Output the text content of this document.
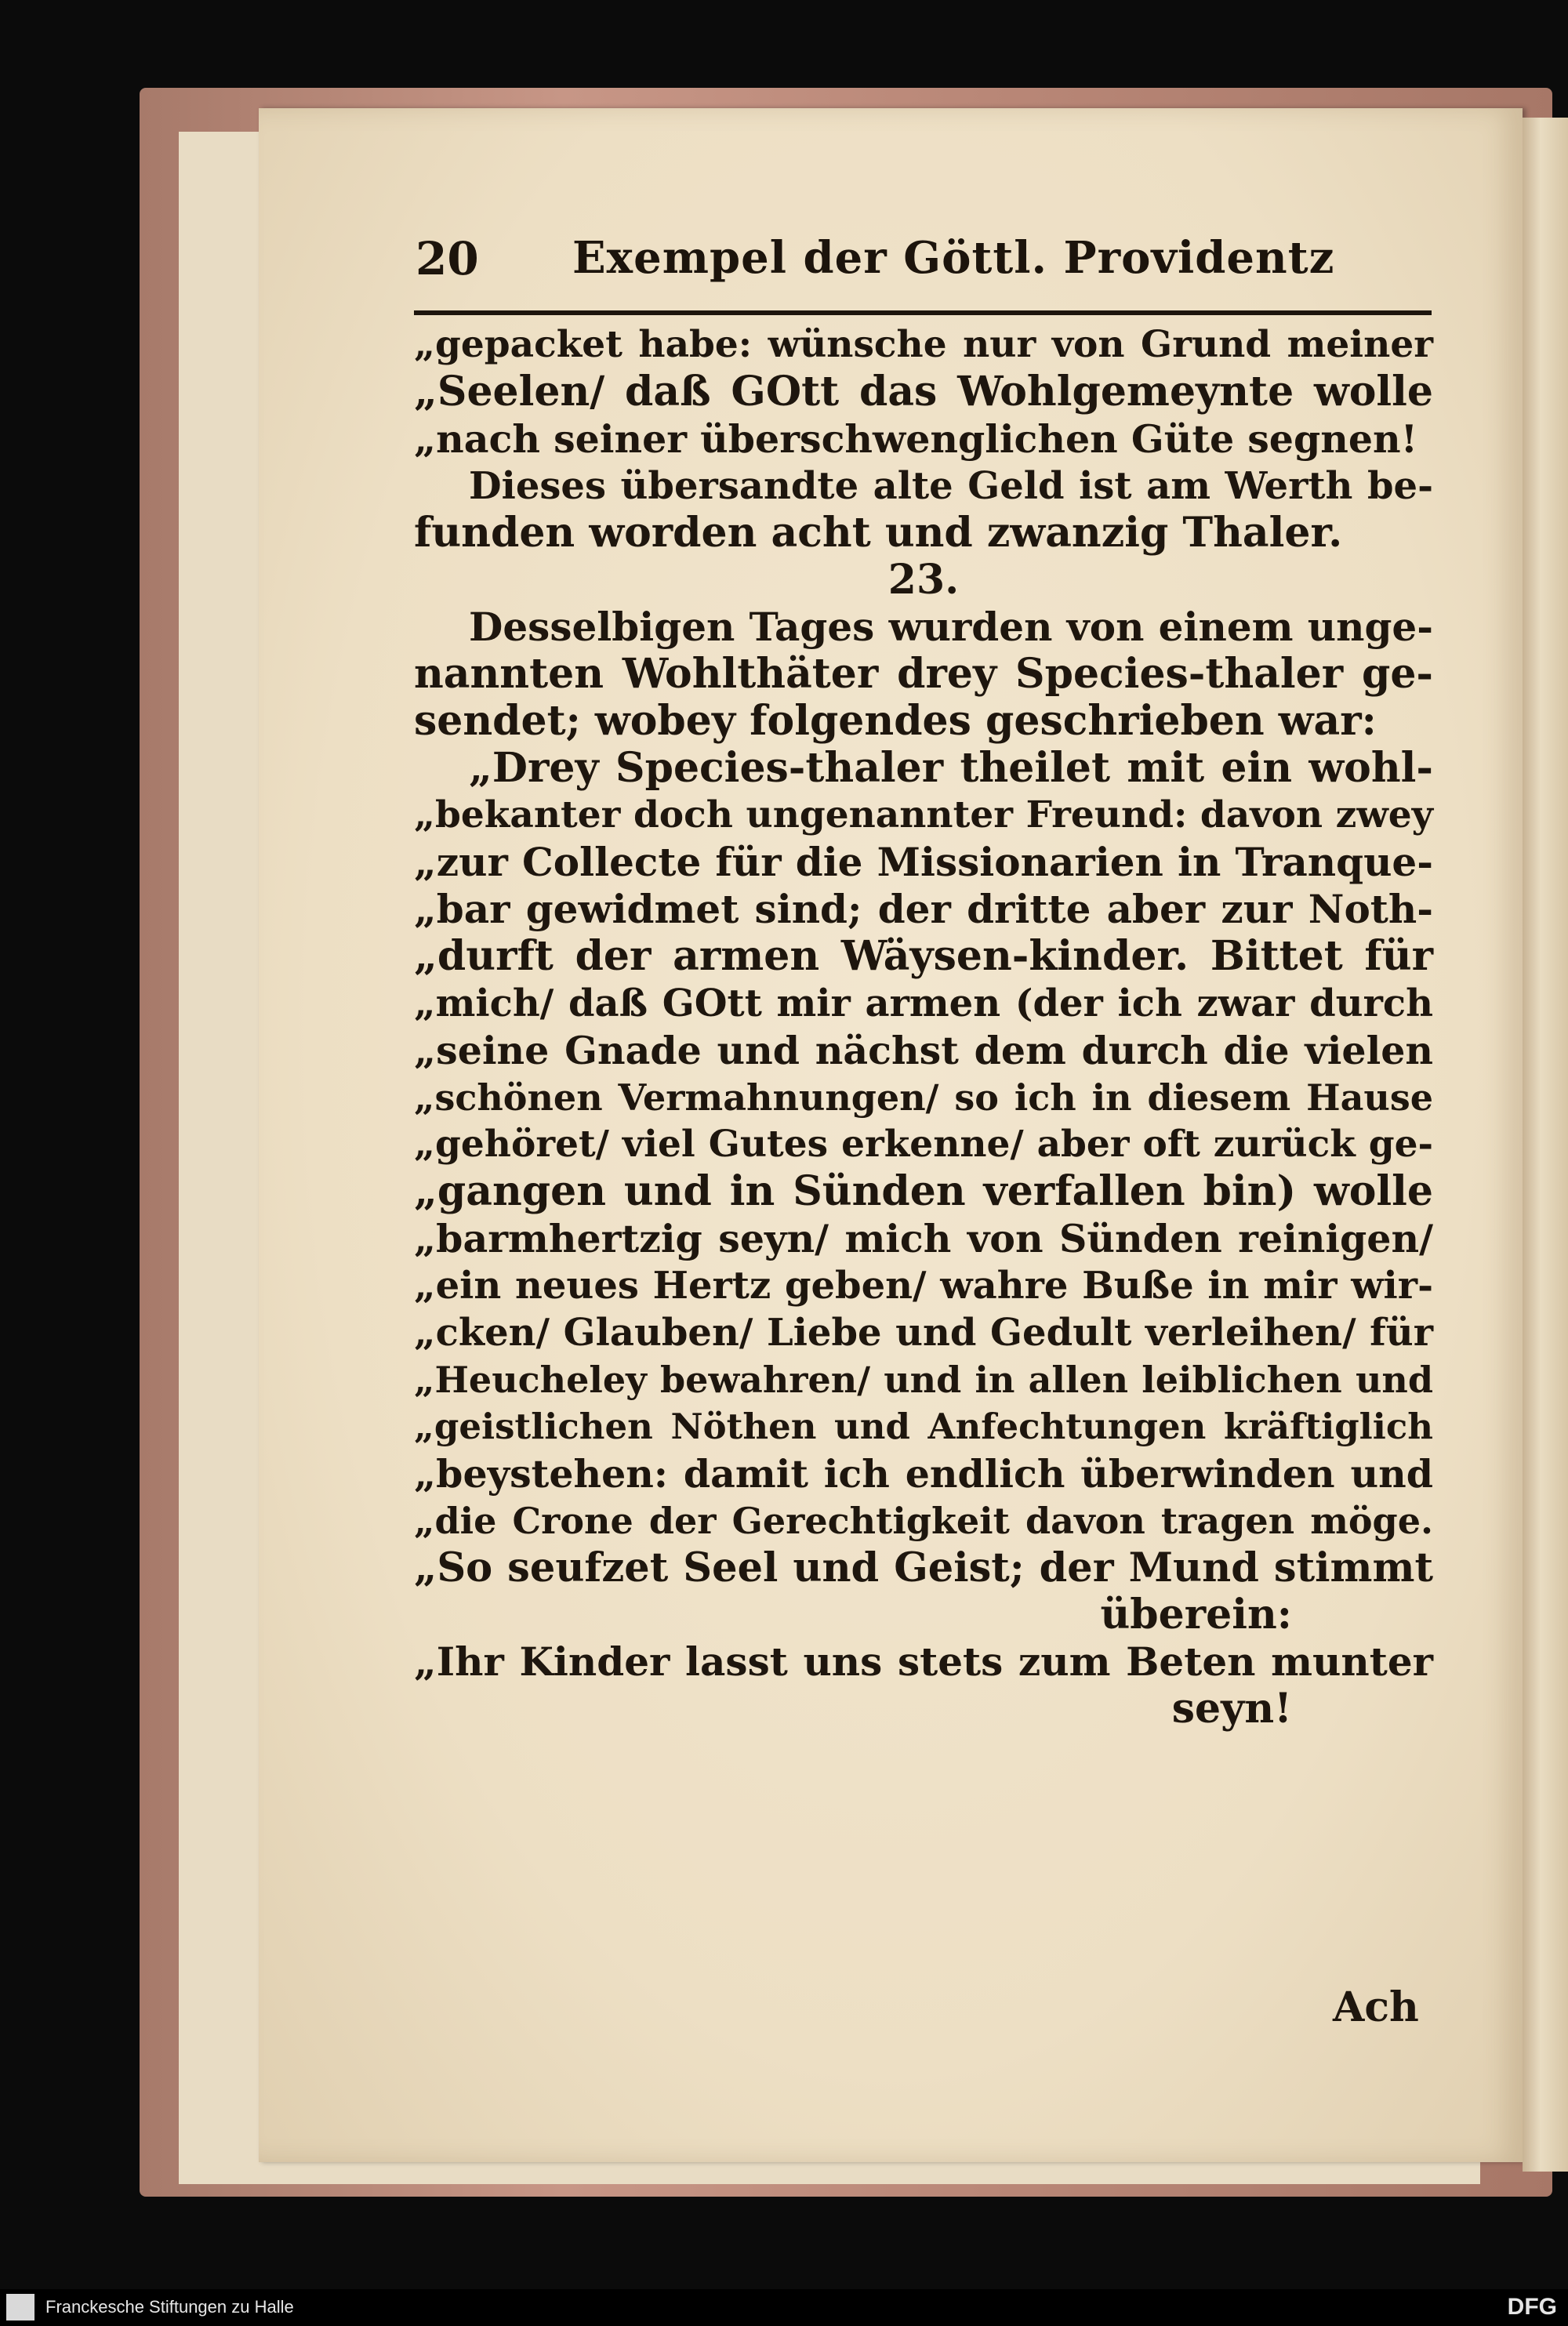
20 Exempel der Göttl. Providentz
„gepacket habe: wünsche nur von Grund meiner
„Seelen/ daß GOtt das Wohlgemeynte wolle
„nach seiner überschwenglichen Güte segnen!
Dieses übersandte alte Geld ist am Werth be-
funden worden acht und zwanzig Thaler.
23.
Desselbigen Tages wurden von einem unge-
nannten Wohlthäter drey Species-thaler ge-
sendet; wobey folgendes geschrieben war:
„Drey Species-thaler theilet mit ein wohl-
„bekanter doch ungenannter Freund: davon zwey
„zur Collecte für die Missionarien in Tranque-
„bar gewidmet sind; der dritte aber zur Noth-
„durft der armen Wäysen-kinder. Bittet für
„mich/ daß GOtt mir armen (der ich zwar durch
„seine Gnade und nächst dem durch die vielen
„schönen Vermahnungen/ so ich in diesem Hause
„gehöret/ viel Gutes erkenne/ aber oft zurück ge-
„gangen und in Sünden verfallen bin) wolle
„barmhertzig seyn/ mich von Sünden reinigen/
„ein neues Hertz geben/ wahre Buße in mir wir-
„cken/ Glauben/ Liebe und Gedult verleihen/ für
„Heucheley bewahren/ und in allen leiblichen und
„geistlichen Nöthen und Anfechtungen kräftiglich
„beystehen: damit ich endlich überwinden und
„die Crone der Gerechtigkeit davon tragen möge.
„So seufzet Seel und Geist; der Mund stimmt
überein:
„Ihr Kinder lasst uns stets zum Beten munter
seyn!
Ach
Franckesche Stiftungen zu Halle	DFG
